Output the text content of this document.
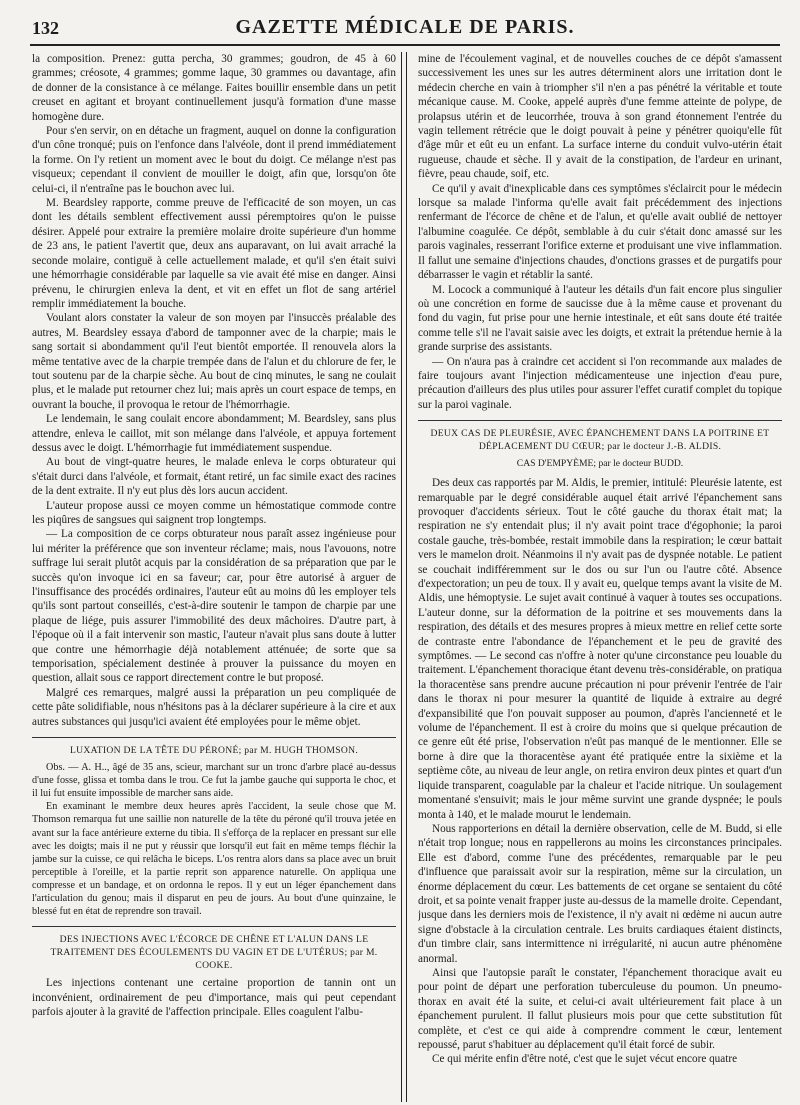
132	GAZETTE MÉDICALE DE PARIS.

la composition. Prenez: gutta percha, 30 grammes; goudron, de 45 à 60 grammes; créosote, 4 grammes; gomme laque, 30 grammes ou davantage, afin de donner de la consistance à ce mélange. Faites bouillir ensemble dans un petit creuset en agitant et broyant continuellement jusqu'à formation d'une masse homogène dure.

Pour s'en servir, on en détache un fragment, auquel on donne la configuration d'un cône tronqué; puis on l'enfonce dans l'alvéole, dont il prend immédiatement la forme. On l'y retient un moment avec le bout du doigt. Ce mélange n'est pas visqueux; cependant il convient de mouiller le doigt, afin que, lorsqu'on ôte celui-ci, il n'entraîne pas le bouchon avec lui.

M. Beardsley rapporte, comme preuve de l'efficacité de son moyen, un cas dont les détails semblent effectivement aussi péremptoires qu'on le puisse désirer. Appelé pour extraire la première molaire droite supérieure d'un homme de 23 ans, le patient l'avertit que, deux ans auparavant, on lui avait arraché la seconde molaire, contiguë à celle actuellement malade, et qu'il s'en était suivi une hémorrhagie considérable par laquelle sa vie avait été mise en danger. Ainsi prévenu, le chirurgien enleva la dent, et vit en effet un flot de sang artériel remplir immédiatement la bouche.

Voulant alors constater la valeur de son moyen par l'insuccès préalable des autres, M. Beardsley essaya d'abord de tamponner avec de la charpie; mais le sang sortait si abondamment qu'il l'eut bientôt emportée. Il renouvela alors la même tentative avec de la charpie trempée dans de l'alun et du chlorure de fer, le tout soutenu par de la charpie sèche. Au bout de cinq minutes, le sang ne coulait plus, et le malade put retourner chez lui; mais après un court espace de temps, en ouvrant la bouche, il provoqua le retour de l'hémorrhagie.

Le lendemain, le sang coulait encore abondamment; M. Beardsley, sans plus attendre, enleva le caillot, mit son mélange dans l'alvéole, et appuya fortement dessus avec le doigt. L'hémorrhagie fut immédiatement suspendue.

Au bout de vingt-quatre heures, le malade enleva le corps obturateur qui s'était durci dans l'alvéole, et formait, étant retiré, un fac simile exact des racines de la dent extraite. Il n'y eut plus dès lors aucun accident.

L'auteur propose aussi ce moyen comme un hémostatique commode contre les piqûres de sangsues qui saignent trop longtemps.

— La composition de ce corps obturateur nous paraît assez ingénieuse pour lui mériter la préférence que son inventeur réclame; mais, nous l'avouons, notre suffrage lui serait plutôt acquis par la considération de sa préparation que par le succès qu'on invoque ici en sa faveur; car, pour être autorisé à arguer de l'insuffisance des procédés ordinaires, l'auteur eût au moins dû les employer tels qu'ils sont partout conseillés, c'est-à-dire soutenir le tampon de charpie par une plaque de liége, puis assurer l'immobilité des deux mâchoires. D'autre part, à l'époque où il a fait intervenir son mastic, l'auteur n'avait plus sans doute à lutter que contre une hémorrhagie déjà notablement atténuée; de sorte que sa temporisation, spécialement destinée à prouver la puissance du moyen en question, allait sous ce rapport directement contre le but proposé.

Malgré ces remarques, malgré aussi la préparation un peu compliquée de cette pâte solidifiable, nous n'hésitons pas à la déclarer supérieure à la cire et aux autres substances qui jusqu'ici avaient été employées pour le même objet.

LUXATION DE LA TÊTE DU PÉRONÉ; par M. HUGH THOMSON.

Obs. — A. H.., âgé de 35 ans, scieur, marchant sur un tronc d'arbre placé au-dessus d'une fosse, glissa et tomba dans le trou. Ce fut la jambe gauche qui supporta le choc, et il lui fut ensuite impossible de marcher sans aide.

En examinant le membre deux heures après l'accident, la seule chose que M. Thomson remarqua fut une saillie non naturelle de la tête du péroné qu'il trouva jetée en avant sur la face antérieure externe du tibia. Il s'efforça de la replacer en pressant sur elle avec les doigts; mais il ne put y réussir que lorsqu'il eut fait en même temps fléchir la jambe sur la cuisse, ce qui relâcha le biceps. L'os rentra alors dans sa place avec un bruit perceptible à l'oreille, et la partie reprit son apparence naturelle. On appliqua une compresse et un bandage, et on ordonna le repos. Il y eut un léger épanchement dans l'articulation du genou; mais il disparut en peu de jours. Au bout d'une quinzaine, le blessé fut en état de reprendre son travail.

DES INJECTIONS AVEC L'ÉCORCE DE CHÊNE ET L'ALUN DANS LE TRAITEMENT DES ÉCOULEMENTS DU VAGIN ET DE L'UTÉRUS; par M. COOKE.

Les injections contenant une certaine proportion de tannin ont un inconvénient, ordinairement de peu d'importance, mais qui peut cependant parfois ajouter à la gravité de l'affection principale. Elles coagulent l'albu-

mine de l'écoulement vaginal, et de nouvelles couches de ce dépôt s'amassent successivement les unes sur les autres déterminent alors une irritation dont le médecin cherche en vain à triompher s'il n'en a pas pénétré la véritable et toute mécanique cause. M. Cooke, appelé auprès d'une femme atteinte de polype, de prolapsus utérin et de leucorrhée, trouva à son grand étonnement l'entrée du vagin tellement rétrécie que le doigt pouvait à peine y pénétrer quoiqu'elle fût d'âge mûr et eût eu un enfant. La surface interne du conduit vulvo-utérin était rugueuse, chaude et sèche. Il y avait de la constipation, de l'ardeur en urinant, fièvre, peau chaude, soif, etc.

Ce qu'il y avait d'inexplicable dans ces symptômes s'éclaircit pour le médecin lorsque sa malade l'informa qu'elle avait fait précédemment des injections renfermant de l'écorce de chêne et de l'alun, et qu'elle avait oublié de nettoyer l'albumine coagulée. Ce dépôt, semblable à du cuir s'était donc amassé sur les parois vaginales, resserrant l'orifice externe et produisant une vive inflammation. Il fallut une semaine d'injections chaudes, d'onctions grasses et de purgatifs pour débarrasser le vagin et rétablir la santé.

M. Locock a communiqué à l'auteur les détails d'un fait encore plus singulier où une concrétion en forme de saucisse due à la même cause et provenant du fond du vagin, fut prise pour une hernie intestinale, et eût sans doute été traitée comme telle s'il ne l'avait saisie avec les doigts, et extrait la prétendue hernie à la grande surprise des assistants.

— On n'aura pas à craindre cet accident si l'on recommande aux malades de faire toujours avant l'injection médicamenteuse une injection d'eau pure, précaution d'ailleurs des plus utiles pour assurer l'effet curatif complet du topique sur la paroi vaginale.

DEUX CAS DE PLEURÉSIE, AVEC ÉPANCHEMENT DANS LA POITRINE ET DÉPLACEMENT DU CŒUR; par le docteur J.-B. ALDIS.
CAS D'EMPYÈME; par le docteur BUDD.

Des deux cas rapportés par M. Aldis, le premier, intitulé: Pleurésie latente, est remarquable par le degré considérable auquel était arrivé l'épanchement sans provoquer d'accidents sérieux. Tout le côté gauche du thorax était mat; la respiration ne s'y entendait plus; il n'y avait point trace d'égophonie; la paroi costale gauche, très-bombée, restait immobile dans la respiration; le cœur battait vers le mamelon droit. Néanmoins il n'y avait pas de dyspnée notable. Le patient se couchait indifféremment sur le dos ou sur l'un ou l'autre côté. Absence d'expectoration; un peu de toux. Il y avait eu, quelque temps avant la visite de M. Aldis, une hémoptysie. Le sujet avait continué à vaquer à toutes ses occupations. L'auteur donne, sur la déformation de la poitrine et ses mouvements dans la respiration, des détails et des mesures propres à mieux mettre en relief cette sorte de contraste entre l'abondance de l'épanchement et le peu de gravité des symptômes. — Le second cas n'offre à noter qu'une circonstance peu louable du traitement. L'épanchement thoracique étant devenu très-considérable, on pratiqua la thoracentèse sans prendre aucune précaution ni pour prévenir l'entrée de l'air dans le thorax ni pour mesurer la quantité de liquide à extraire au degré d'expansibilité que l'on pouvait supposer au poumon, d'après l'ancienneté et le volume de l'épanchement. Il est à croire du moins que si quelque précaution de ce genre eût été prise, l'observation n'eût pas manqué de le mentionner. Elle se borne à dire que la thoracentèse ayant été pratiquée entre la sixième et la septième côte, au niveau de leur angle, on retira environ deux pintes et quart d'un liquide transparent, coagulable par la chaleur et l'acide nitrique. Un soulagement momentané s'ensuivit; mais le jour même survint une grande dyspnée; le pouls monta à 140, et le malade mourut le lendemain.

Nous rapporterions en détail la dernière observation, celle de M. Budd, si elle n'était trop longue; nous en rappellerons au moins les circonstances principales. Elle est d'abord, comme l'une des précédentes, remarquable par le peu d'influence que paraissait avoir sur la respiration, même sur la circulation, un énorme déplacement du cœur. Les battements de cet organe se sentaient du côté droit, et sa pointe venait frapper juste au-dessus de la mamelle droite. Cependant, jusque dans les derniers mois de l'existence, il n'y avait ni œdème ni aucun autre signe d'obstacle à la circulation centrale. Les bruits cardiaques étaient distincts, d'un timbre clair, sans intermittence ni irrégularité, ni aucun autre phénomène anormal.

Ainsi que l'autopsie paraît le constater, l'épanchement thoracique avait eu pour point de départ une perforation tuberculeuse du poumon. Un pneumo-thorax en avait été la suite, et celui-ci avait ultérieurement fait place à un épanchement purulent. Il fallut plusieurs mois pour que cette substitution fût complète, et c'est ce qui aide à comprendre comment le cœur, lentement repoussé, parut s'habituer au déplacement qu'il était forcé de subir.

Ce qui mérite enfin d'être noté, c'est que le sujet vécut encore quatre
